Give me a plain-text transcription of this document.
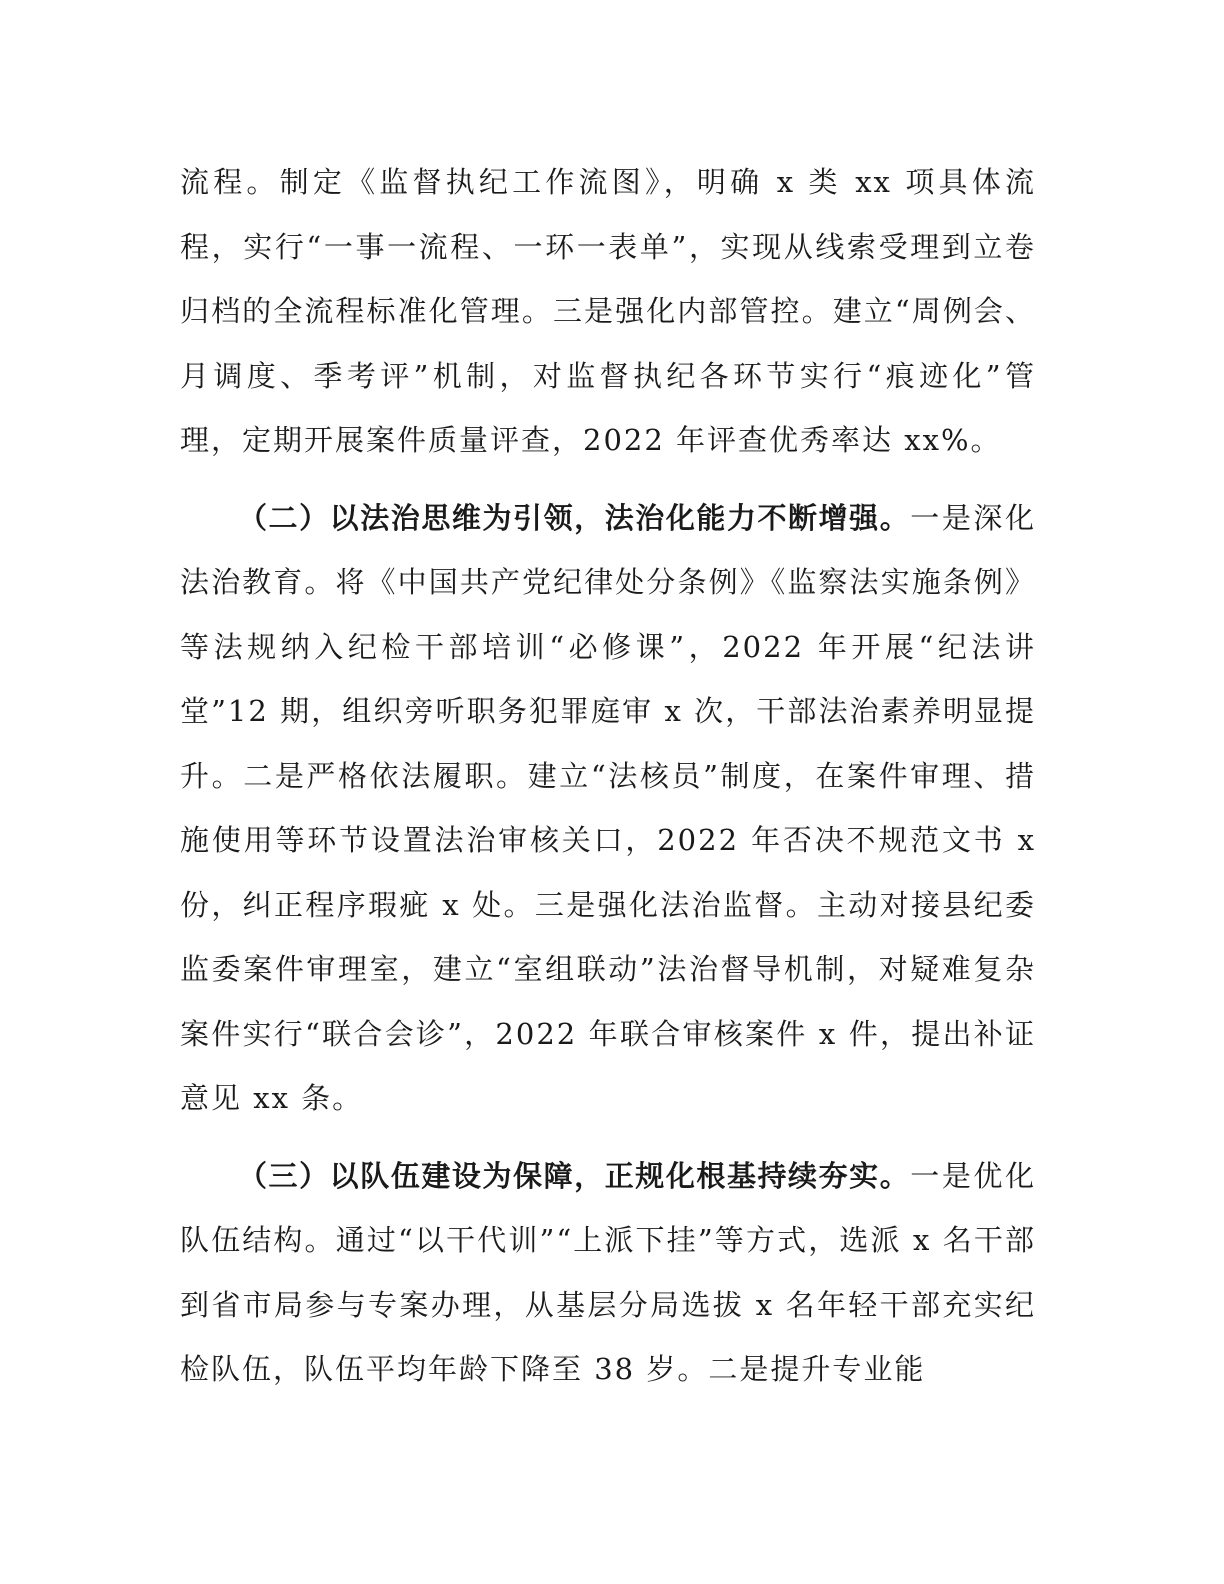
流程。制定《监督执纪工作流图》，明确 x 类 xx 项具体流程，实行“一事一流程、一环一表单”，实现从线索受理到立卷归档的全流程标准化管理。三是强化内部管控。建立“周例会、月调度、季考评”机制，对监督执纪各环节实行“痕迹化”管理，定期开展案件质量评查，2022 年评查优秀率达 xx%。

（二）以法治思维为引领，法治化能力不断增强。一是深化法治教育。将《中国共产党纪律处分条例》《监察法实施条例》等法规纳入纪检干部培训“必修课”，2022 年开展“纪法讲堂”12 期，组织旁听职务犯罪庭审 x 次，干部法治素养明显提升。二是严格依法履职。建立“法核员”制度，在案件审理、措施使用等环节设置法治审核关口，2022 年否决不规范文书 x 份，纠正程序瑕疵 x 处。三是强化法治监督。主动对接县纪委监委案件审理室，建立“室组联动”法治督导机制，对疑难复杂案件实行“联合会诊”，2022 年联合审核案件 x 件，提出补证意见 xx 条。

（三）以队伍建设为保障，正规化根基持续夯实。一是优化队伍结构。通过“以干代训”“上派下挂”等方式，选派 x 名干部到省市局参与专案办理，从基层分局选拔 x 名年轻干部充实纪检队伍，队伍平均年龄下降至 38 岁。二是提升专业能
